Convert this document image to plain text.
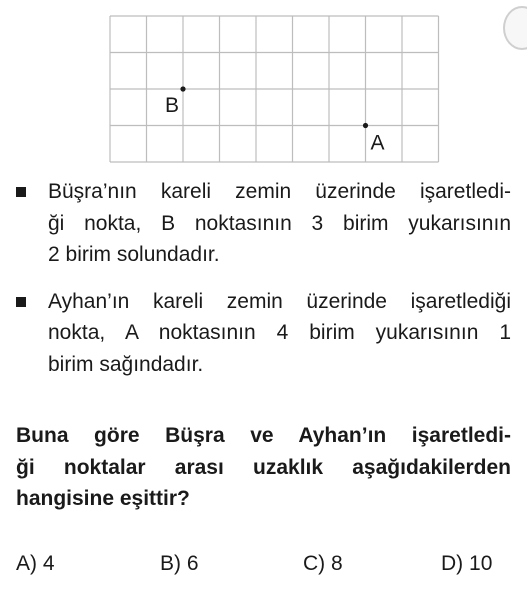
B
A
Büşra’nın kareli zemin üzerinde işaretledi-
ği nokta, B noktasının 3 birim yukarısının
2 birim solundadır.
Ayhan’ın kareli zemin üzerinde işaretlediği
nokta, A noktasının 4 birim yukarısının 1
birim sağındadır.
Buna göre Büşra ve Ayhan’ın işaretledi-
ği noktalar arası uzaklık aşağıdakilerden
hangisine eşittir?
A) 4	B) 6	C) 8	D) 10
